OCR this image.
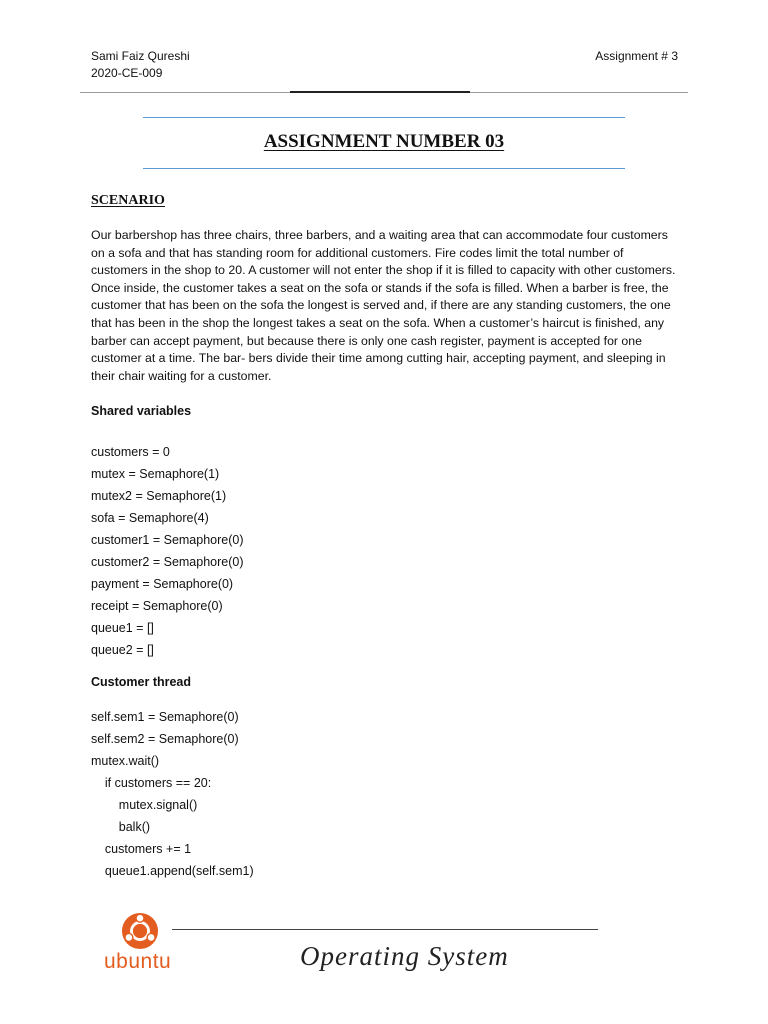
Sami Faiz Qureshi
2020-CE-009
Assignment # 3
ASSIGNMENT NUMBER 03
SCENARIO

Our barbershop has three chairs, three barbers, and a waiting area that can accommodate four customers on a sofa and that has standing room for additional customers. Fire codes limit the total number of customers in the shop to 20. A customer will not enter the shop if it is filled to capacity with other customers. Once inside, the customer takes a seat on the sofa or stands if the sofa is filled. When a barber is free, the customer that has been on the sofa the longest is served and, if there are any standing customers, the one that has been in the shop the longest takes a seat on the sofa. When a customer’s haircut is finished, any barber can accept payment, but because there is only one cash register, payment is accepted for one customer at a time. The bar- bers divide their time among cutting hair, accepting payment, and sleeping in their chair waiting for a customer.

Shared variables
customers = 0
mutex = Semaphore(1)
mutex2 = Semaphore(1)
sofa = Semaphore(4)
customer1 = Semaphore(0)
customer2 = Semaphore(0)
payment = Semaphore(0)
receipt = Semaphore(0)
queue1 = []
queue2 = []
Customer thread
self.sem1 = Semaphore(0)
self.sem2 = Semaphore(0)
mutex.wait()
if customers == 20:
mutex.signal()
balk()
customers += 1
queue1.append(self.sem1)
ubuntu	Operating System
